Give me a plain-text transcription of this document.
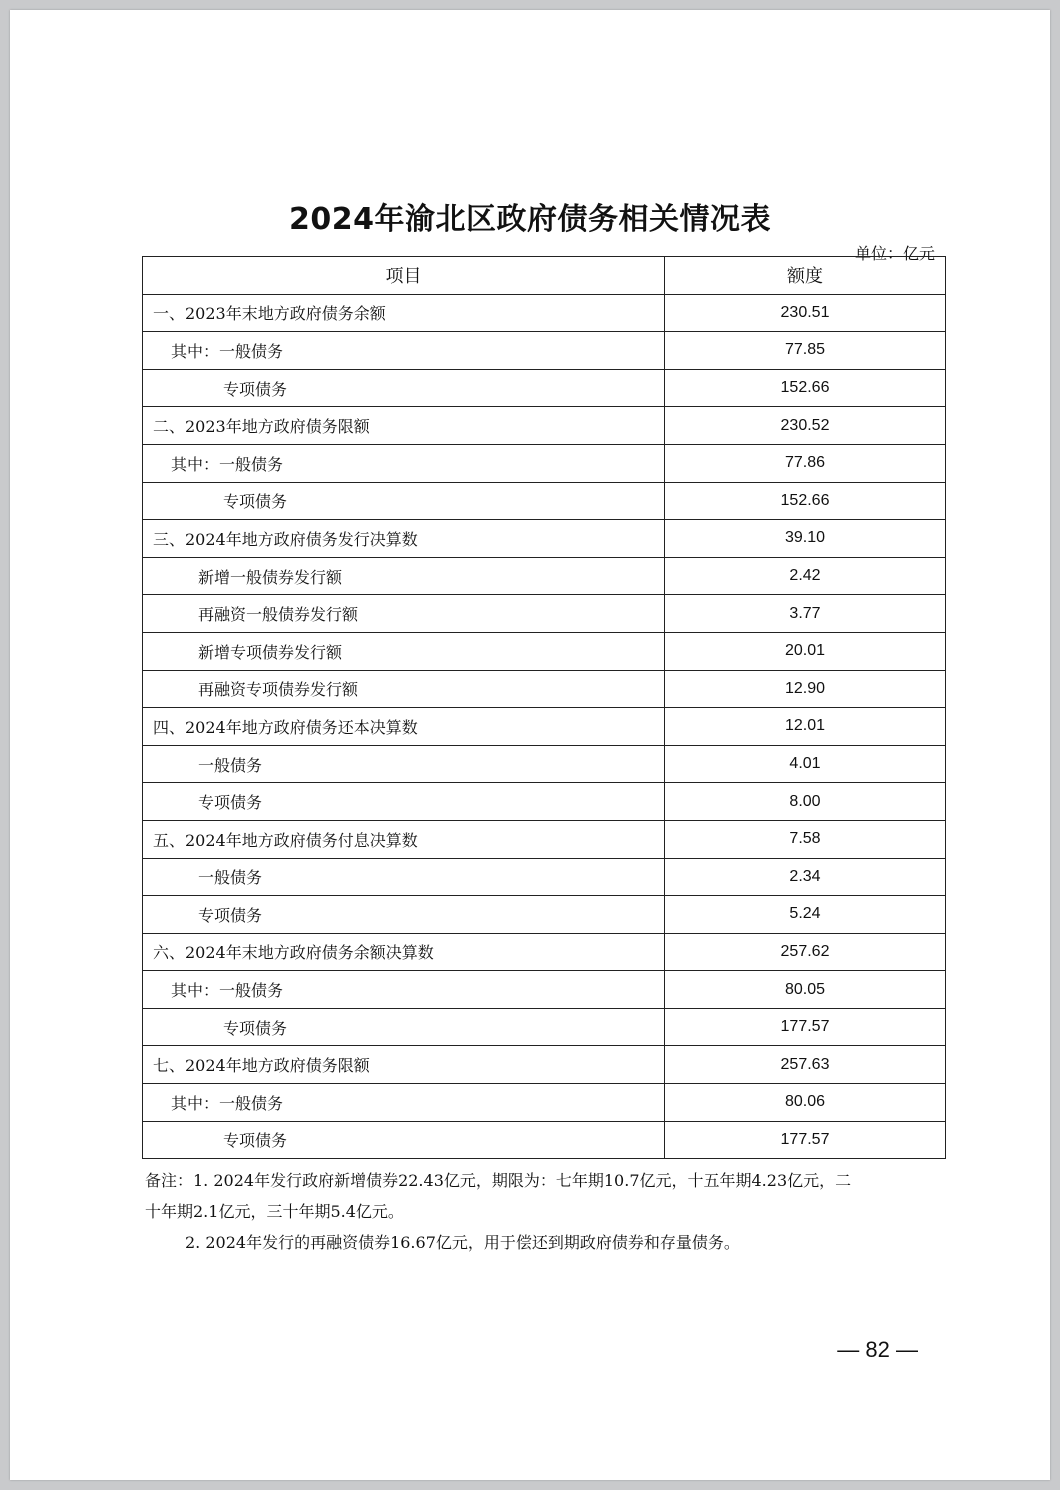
2024年渝北区政府债务相关情况表
单位：亿元
项目	额度
一、2023年末地方政府债务余额	230.51
其中：一般债务	77.85
专项债务	152.66
二、2023年地方政府债务限额	230.52
其中：一般债务	77.86
专项债务	152.66
三、2024年地方政府债务发行决算数	39.10
新增一般债券发行额	2.42
再融资一般债券发行额	3.77
新增专项债券发行额	20.01
再融资专项债券发行额	12.90
四、2024年地方政府债务还本决算数	12.01
一般债务	4.01
专项债务	8.00
五、2024年地方政府债务付息决算数	7.58
一般债务	2.34
专项债务	5.24
六、2024年末地方政府债务余额决算数	257.62
其中：一般债务	80.05
专项债务	177.57
七、2024年地方政府债务限额	257.63
其中：一般债务	80.06
专项债务	177.57

备注：1. 2024年发行政府新增债券22.43亿元，期限为：七年期10.7亿元，十五年期4.23亿元，二

十年期2.1亿元，三十年期5.4亿元。

2. 2024年发行的再融资债券16.67亿元，用于偿还到期政府债券和存量债务。

— 82 —
